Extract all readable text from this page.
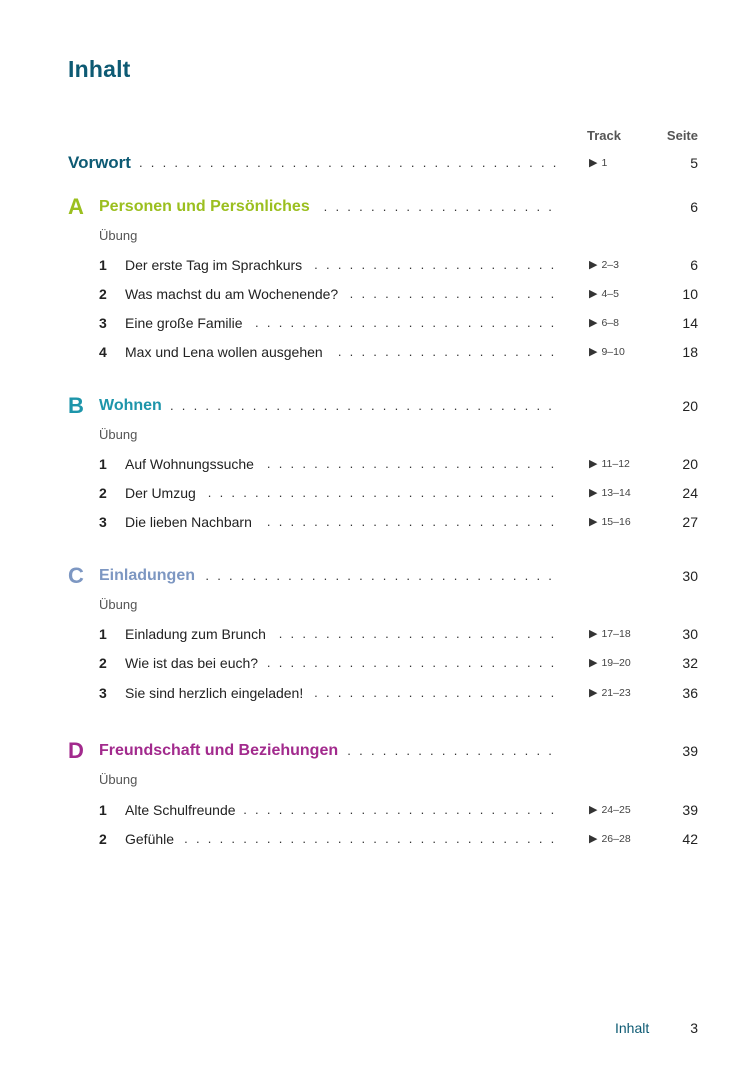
Inhalt
Track	Seite
. . .
Vorwort	▶ 1	5
. . .
A Personen und Persönliches	6
Übung
. . .
1 Der erste Tag im Sprachkurs	▶ 2–3	6
. . .
2 Was machst du am Wochenende?	▶ 4–5	10
. . .
3 Eine große Familie	▶ 6–8	14
. . .
4 Max und Lena wollen ausgehen	▶ 9–10	18
. . .
B Wohnen	20
Übung
. . .
1 Auf Wohnungssuche	▶ 11–12	20
. . .
2 Der Umzug	▶ 13–14	24
. . .
3 Die lieben Nachbarn	▶ 15–16	27
. . .
C Einladungen	30
Übung
. . .
1 Einladung zum Brunch	▶ 17–18	30
. . .
2 Wie ist das bei euch?	▶ 19–20	32
. . .
3 Sie sind herzlich eingeladen!	▶ 21–23	36
. . .
D Freundschaft und Beziehungen	39
Übung
. . .
1 Alte Schulfreunde	▶ 24–25	39
. . .
2 Gefühle	▶ 26–28	42
Inhalt	3
